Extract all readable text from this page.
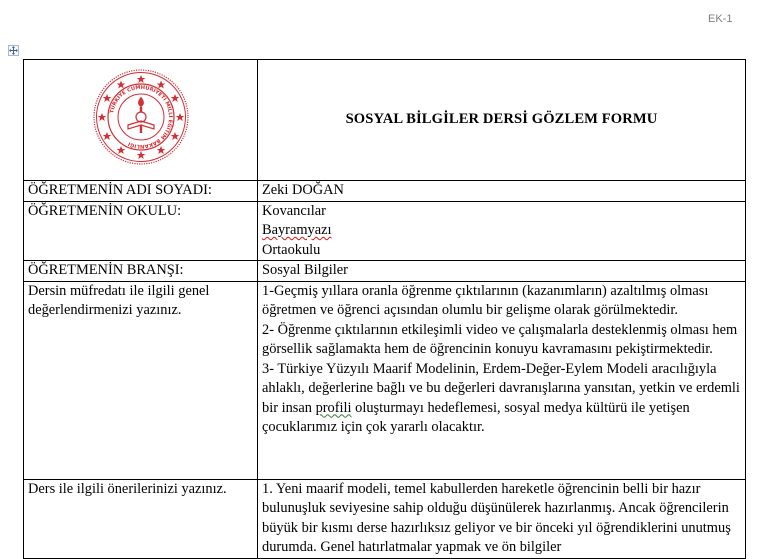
EK-1
TÜRKİYE CUMHURİYETİ MİLLİ EĞİTİM BAKANLIĞI	SOSYAL BİLGİLER DERSİ GÖZLEM FORMU

ÖĞRETMENİN ADI SOYADI:	Zeki DOĞAN

ÖĞRETMENİN OKULU:	Kovancılar
Bayramyazı
Ortaokulu

ÖĞRETMENİN BRANŞI:	Sosyal Bilgiler

Dersin müfredatı ile ilgili genel değerlendirmenizi yazınız.	1-Geçmiş yıllara oranla öğrenme çıktılarının (kazanımların) azaltılmış olması öğretmen ve öğrenci açısından olumlu bir gelişme olarak görülmektedir.

2- Öğrenme çıktılarının etkileşimli video ve çalışmalarla desteklenmiş olması hem görsellik sağlamakta hem de öğrencinin konuyu kavramasını pekiştirmektedir.

3- Türkiye Yüzyılı Maarif Modelinin, Erdem-Değer-Eylem Modeli aracılığıyla ahlaklı, değerlerine bağlı ve bu değerleri davranışlarına yansıtan, yetkin ve erdemli bir insan profili oluşturmayı hedeflemesi, sosyal medya kültürü ile yetişen çocuklarımız için çok yararlı olacaktır.

Ders ile ilgili önerilerinizi yazınız.	1. Yeni maarif modeli, temel kabullerden hareketle öğrencinin belli bir hazır bulunuşluk seviyesine sahip olduğu düşünülerek hazırlanmış. Ancak öğrencilerin büyük bir kısmı derse hazırlıksız geliyor ve bir önceki yıl öğrendiklerini unutmuş durumda. Genel hatırlatmalar yapmak ve ön bilgiler
